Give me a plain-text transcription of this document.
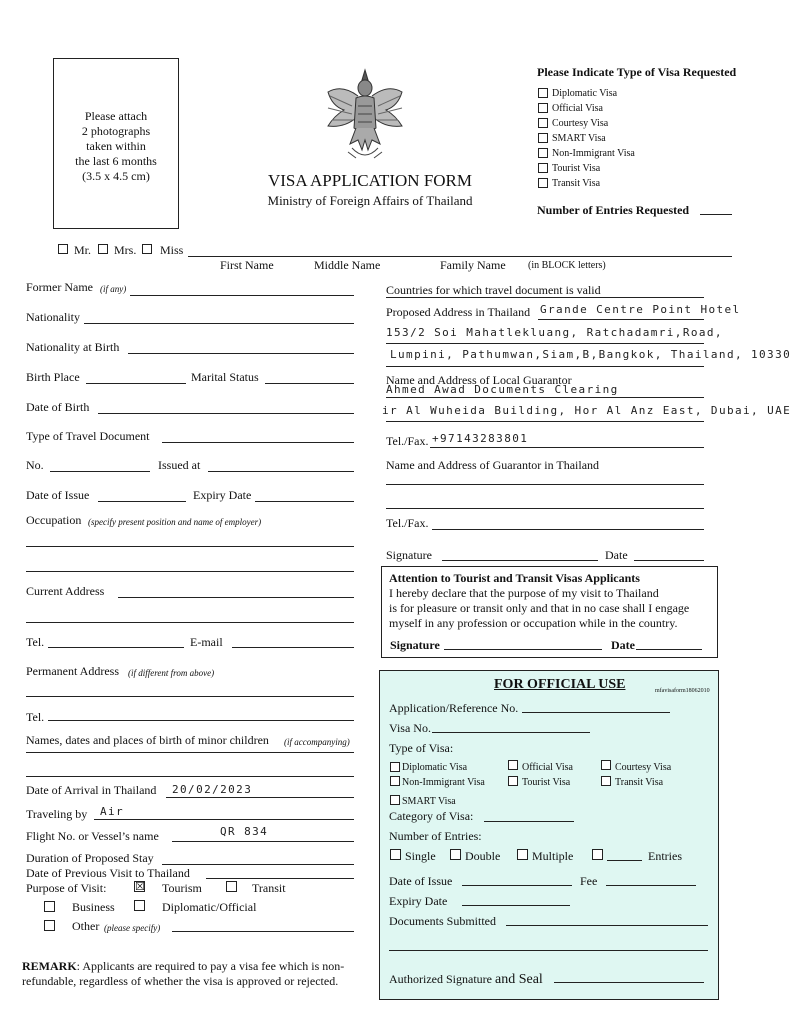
Please attach
2 photographs
taken within
the last 6 months
(3.5 x 4.5 cm)	VISA APPLICATION FORM
Ministry of Foreign Affairs of Thailand
Please Indicate Type of Visa Requested
Diplomatic Visa
Official Visa
Courtesy Visa
SMART Visa
Non-Immigrant Visa
Tourist Visa
Transit Visa
Number of Entries Requested
Mr. Mrs. Miss
First Name	Middle Name	Family Name (in BLOCK letters)
Former Name (if any)
Nationality
Nationality at Birth
Birth Place	Marital Status
Date of Birth
Type of Travel Document
No.	Issued at
Date of Issue	Expiry Date
Occupation (specify present position and name of employer)
Current Address
Tel.	E-mail
Permanent Address (if different from above)
Tel.
Names, dates and places of birth of minor children (if accompanying)
Date of Arrival in Thailand 20/02/2023
Traveling by Air
Flight No. or Vessel’s name	QR 834
Duration of Proposed Stay
Date of Previous Visit to Thailand
Purpose of Visit:	☒ Tourism	Transit
Business	Diplomatic/Official
Other (please specify)
REMARK: Applicants are required to pay a visa fee which is non-
refundable, regardless of whether the visa is approved or rejected.
Countries for which travel document is valid
Proposed Address in Thailand Grande Centre Point Hotel
153/2 Soi Mahatlekluang, Ratchadamri,Road,
Lumpini, Pathumwan,Siam,B,Bangkok, Thailand, 10330
Name and Address of Local Guarantor
Ahmed Awad Documents Clearing
ir Al Wuheida Building, Hor Al Anz East, Dubai, UAE
Tel./Fax. +97143283801
Name and Address of Guarantor in Thailand
Tel./Fax.
Signature	Date
Attention to Tourist and Transit Visas Applicants
I hereby declare that the purpose of my visit to Thailand
is for pleasure or transit only and that in no case shall I engage
myself in any profession or occupation while in the country.
Signature	Date
FOR OFFICIAL USE	mfavisaform18062010
Application/Reference No.
Visa No.
Type of Visa:
Diplomatic Visa	Official Visa	Courtesy Visa
Non-Immigrant Visa	Tourist Visa	Transit Visa
SMART Visa
Category of Visa:
Number of Entries:
Single Double	Multiple	Entries
Date of Issue	Fee
Expiry Date
Documents Submitted
Authorized Signature and Seal
